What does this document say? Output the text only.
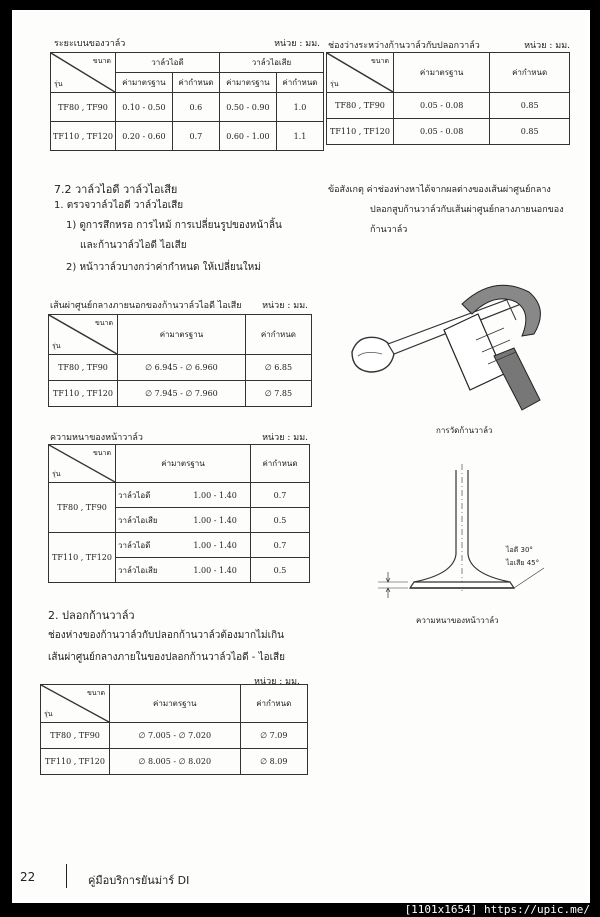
ระยะเบนของวาล์ว	หน่วย : มม.
ขนาด
รุ่น	วาล์วไอดี		วาล์วไอเสีย	
	ค่ามาตรฐาน	ค่ากำหนด	ค่ามาตรฐาน	ค่ากำหนด
TF80 , TF90	0.10 - 0.50	0.6	0.50 - 0.90	1.0
TF110 , TF120	0.20 - 0.60	0.7	0.60 - 1.00	1.1
ช่องว่างระหว่างก้านวาล์วกับปลอกวาล์ว	หน่วย : มม.
ขนาด
รุ่น	ค่ามาตรฐาน	ค่ากำหนด
TF80 , TF90	0.05 - 0.08	0.85
TF110 , TF120	0.05 - 0.08	0.85
7.2 วาล์วไอดี วาล์วไอเสีย
1. ตรวจวาล์วไอดี วาล์วไอเสีย
1) ดูการสึกหรอ การไหม้ การเปลี่ยนรูปของหน้าลิ้น
และก้านวาล์วไอดี ไอเสีย
2) หน้าวาล์วบางกว่าค่ากำหนด ให้เปลี่ยนใหม่
ข้อสังเกตุ ค่าช่องห่างหาได้จากผลต่างของเส้นผ่าศูนย์กลาง
ปลอกสูบก้านวาล์วกับเส้นผ่าศูนย์กลางภายนอกของ
ก้านวาล์ว
เส้นผ่าศูนย์กลางภายนอกของก้านวาล์วไอดี ไอเสีย หน่วย : มม.
ขนาด
รุ่น	ค่ามาตรฐาน	ค่ากำหนด
TF80 , TF90	∅ 6.945 - ∅ 6.960	∅ 6.85
TF110 , TF120	∅ 7.945 - ∅ 7.960	∅ 7.85
ความหนาของหน้าวาล์ว	หน่วย : มม.
ขนาด
รุ่น	ค่ามาตรฐาน		ค่ากำหนด
TF80 , TF90	วาล์วไอดี	1.00 - 1.40	0.7
	วาล์วไอเสีย	1.00 - 1.40	0.5
TF110 , TF120	วาล์วไอดี	1.00 - 1.40	0.7
	วาล์วไอเสีย	1.00 - 1.40	0.5
2. ปลอกก้านวาล์ว
ช่องห่างของก้านวาล์วกับปลอกก้านวาล์วต้องมากไม่เกิน
เส้นผ่าศูนย์กลางภายในของปลอกก้านวาล์วไอดี - ไอเสีย
หน่วย : มม.
ขนาด
รุ่น	ค่ามาตรฐาน	ค่ากำหนด
TF80 , TF90	∅ 7.005 - ∅ 7.020	∅ 7.09
TF110 , TF120	∅ 8.005 - ∅ 8.020	∅ 8.09
การวัดก้านวาล์ว
ไอดี 30°
ไอเสีย 45°
ความหนาของหน้าวาล์ว
22	คู่มือบริการยันม่าร์ DI
[1101x1654] https://upic.me/
